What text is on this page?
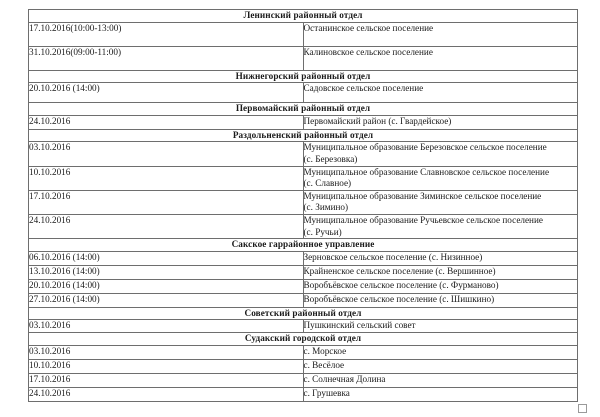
Ленинский районный отдел	
17.10.2016(10:00-13:00)	Останинское сельское поселение
31.10.2016(09:00-11:00)	Калиновское сельское поселение
Нижнегорский районный отдел	
20.10.2016 (14:00)	Садовское сельское поселение
Первомайский районный отдел	
24.10.2016	Первомайский район (с. Гвардейское)
Раздольненский районный отдел	
03.10.2016	Муниципальное образование Березовское сельское поселение
(с. Березовка)

10.10.2016	Муниципальное образование Славновское сельское поселение
(с. Славное)

17.10.2016	Муниципальное образование Зиминское сельское поселение
(с. Зимино)

24.10.2016	Муниципальное образование Ручьевское сельское поселение
(с. Ручьи)

Сакское гаррайонное управление	
06.10.2016 (14:00)	Зерновское сельское поселение (с. Низинное)
13.10.2016 (14:00)	Крайненское сельское поселение (с. Вершинное)
20.10.2016 (14:00)	Воробъёвское сельское поселение (с. Фурманово)
27.10.2016 (14:00)	Воробъёвское сельское поселение (с. Шишкино)
Советский районный отдел	
03.10.2016	Пушкинский сельский совет
Судакский городской отдел	
03.10.2016	с. Морское
10.10.2016	с. Весёлое
17.10.2016	с. Солнечная Долина
24.10.2016	с. Грушевка
